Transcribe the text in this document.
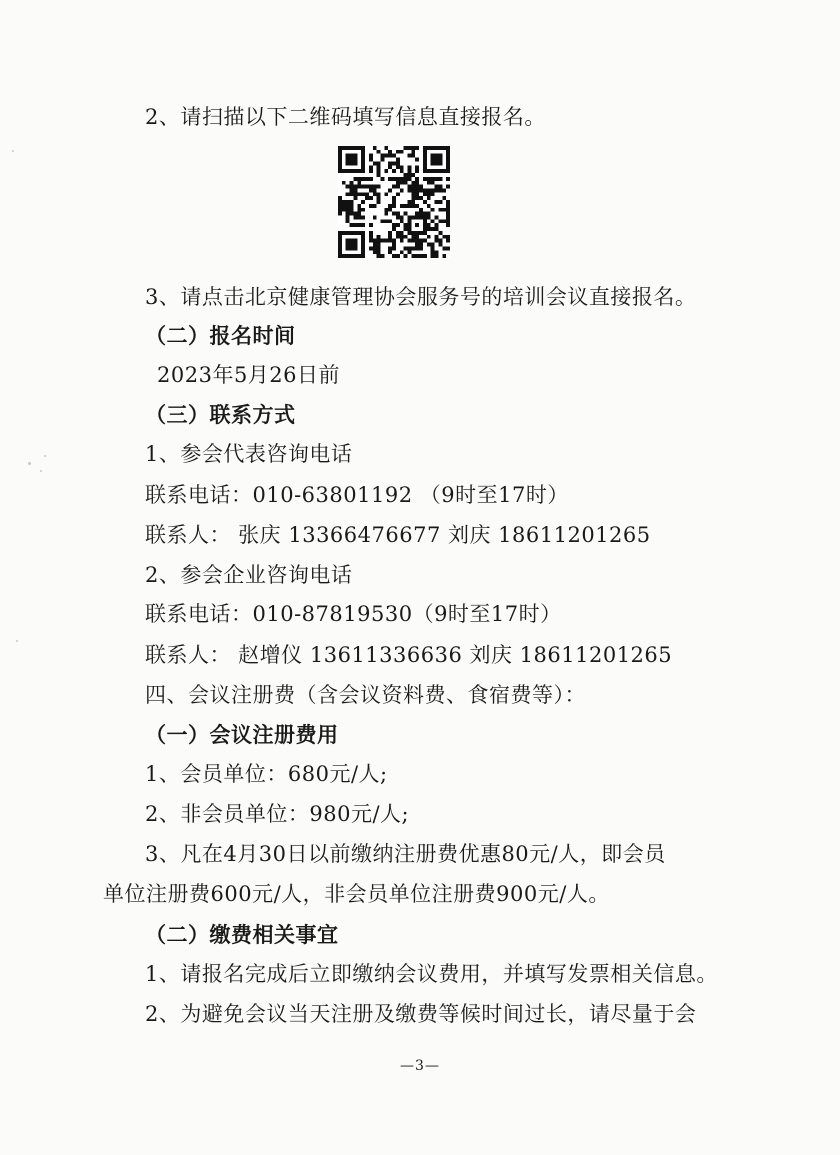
2、请扫描以下二维码填写信息直接报名。
3、请点击北京健康管理协会服务号的培训会议直接报名。
（二）报名时间
2023年5月26日前
（三）联系方式
1、参会代表咨询电话
联系电话：010-63801192 （9时至17时）
联系人： 张庆 13366476677 刘庆 18611201265
2、参会企业咨询电话
联系电话：010-87819530（9时至17时）
联系人： 赵增仪 13611336636 刘庆 18611201265
四、会议注册费（含会议资料费、食宿费等）：
（一）会议注册费用
1、会员单位：680元/人;
2、非会员单位：980元/人;
3、凡在4月30日以前缴纳注册费优惠80元/人，即会员
单位注册费600元/人，非会员单位注册费900元/人。
（二）缴费相关事宜
1、请报名完成后立即缴纳会议费用，并填写发票相关信息。
2、为避免会议当天注册及缴费等候时间过长，请尽量于会
—3—
